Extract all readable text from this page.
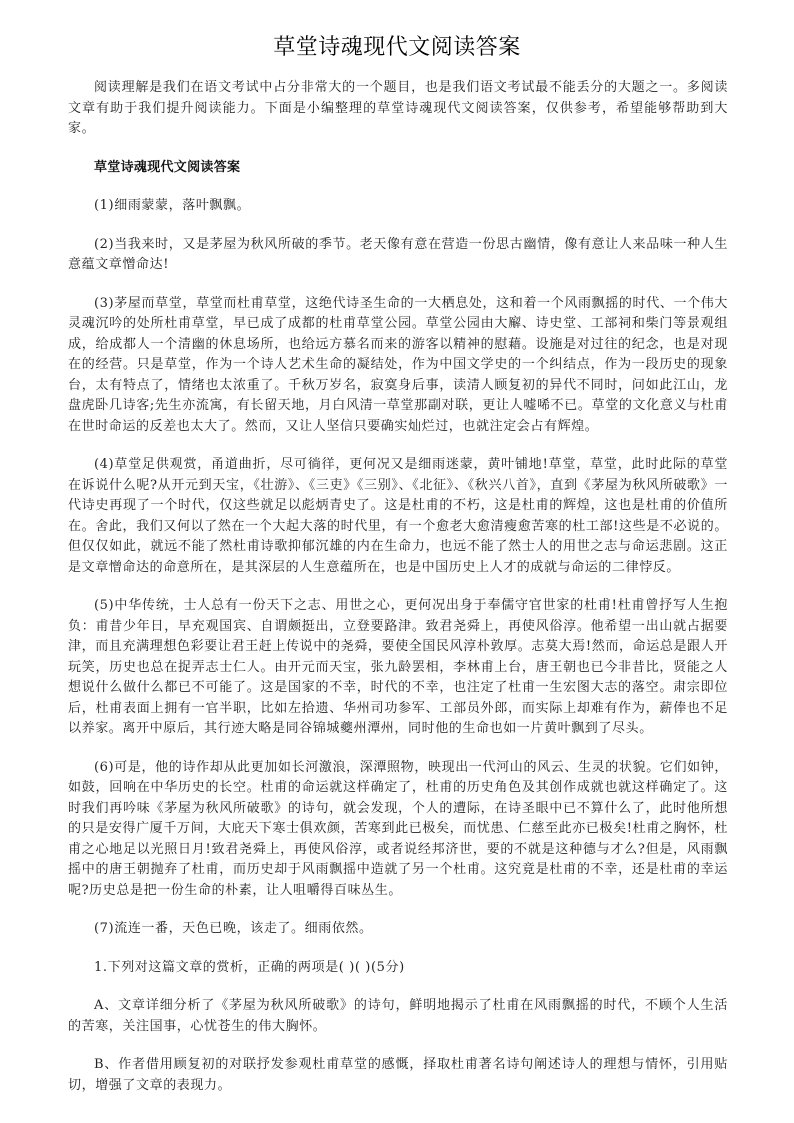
草堂诗魂现代文阅读答案

阅读理解是我们在语文考试中占分非常大的一个题目，也是我们语文考试最不能丢分的大题之一。多阅读文章有助于我们提升阅读能力。下面是小编整理的草堂诗魂现代文阅读答案，仅供参考，希望能够帮助到大家。

草堂诗魂现代文阅读答案

(1)细雨蒙蒙，落叶飘飘。

(2)当我来时，又是茅屋为秋风所破的季节。老天像有意在营造一份思古幽情，像有意让人来品味一种人生意蕴文章憎命达!

(3)茅屋而草堂，草堂而杜甫草堂，这绝代诗圣生命的一大栖息处，这和着一个风雨飘摇的时代、一个伟大灵魂沉吟的处所杜甫草堂，早已成了成都的杜甫草堂公园。草堂公园由大廨、诗史堂、工部祠和柴门等景观组成，给成都人一个清幽的休息场所，也给远方慕名而来的游客以精神的慰藉。设施是对过往的纪念，也是对现在的经营。只是草堂，作为一个诗人艺术生命的凝结处，作为中国文学史的一个纠结点，作为一段历史的现象台，太有特点了，情绪也太浓重了。千秋万岁名，寂寞身后事，读清人顾复初的异代不同时，问如此江山，龙盘虎卧几诗客;先生亦流寓，有长留天地，月白风清一草堂那副对联，更让人嘘唏不已。草堂的文化意义与杜甫在世时命运的反差也太大了。然而，又让人坚信只要确实灿烂过，也就注定会占有辉煌。

(4)草堂足供观赏，甬道曲折，尽可徜徉，更何况又是细雨迷蒙，黄叶铺地!草堂，草堂，此时此际的草堂在诉说什么呢?从开元到天宝，《壮游》、《三吏》《三别》、《北征》、《秋兴八首》，直到《茅屋为秋风所破歌》一代诗史再现了一个时代，仅这些就足以彪炳青史了。这是杜甫的不朽，这是杜甫的辉煌，这也是杜甫的价值所在。舍此，我们又何以了然在一个大起大落的时代里，有一个愈老大愈清瘦愈苦寒的杜工部!这些是不必说的。但仅仅如此，就远不能了然杜甫诗歌抑郁沉雄的内在生命力，也远不能了然士人的用世之志与命运悲剧。这正是文章憎命达的命意所在，是其深层的人生意蕴所在，也是中国历史上人才的成就与命运的二律悖反。

(5)中华传统，士人总有一份天下之志、用世之心，更何况出身于奉儒守官世家的杜甫!杜甫曾抒写人生抱负：甫昔少年日，早充观国宾、自谓颇挺出，立登要路津。致君尧舜上，再使风俗淳。他希望一出山就占据要津，而且充满理想色彩要让君王赶上传说中的尧舜，要使全国民风淳朴敦厚。志莫大焉!然而，命运总是跟人开玩笑，历史也总在捉弄志士仁人。由开元而天宝，张九龄罢相，李林甫上台，唐王朝也已今非昔比，贤能之人想说什么做什么都已不可能了。这是国家的不幸，时代的不幸，也注定了杜甫一生宏图大志的落空。肃宗即位后，杜甫表面上拥有一官半职，比如左拾遗、华州司功参军、工部员外郎，而实际上却难有作为，薪俸也不足以养家。离开中原后，其行迹大略是同谷锦城夔州潭州，同时他的生命也如一片黄叶飘到了尽头。

(6)可是，他的诗作却从此更加如长河激浪，深潭照物，映现出一代河山的风云、生灵的状貌。它们如钟，如鼓，回响在中华历史的长空。杜甫的命运就这样确定了，杜甫的历史角色及其创作成就也就这样确定了。这时我们再吟味《茅屋为秋风所破歌》的诗句，就会发现，个人的遭际，在诗圣眼中已不算什么了，此时他所想的只是安得广厦千万间，大庇天下寒士俱欢颜，苦寒到此已极矣，而忧患、仁慈至此亦已极矣!杜甫之胸怀，杜甫之心地足以光照日月!致君尧舜上，再使风俗淳，或者说经邦济世，要的不就是这种德与才么?但是，风雨飘摇中的唐王朝抛弃了杜甫，而历史却于风雨飘摇中造就了另一个杜甫。这究竟是杜甫的不幸，还是杜甫的幸运呢?历史总是把一份生命的朴素，让人咀嚼得百味丛生。

(7)流连一番，天色已晚，该走了。细雨依然。

1.下列对这篇文章的赏析，正确的两项是( )( )(5分)

A、文章详细分析了《茅屋为秋风所破歌》的诗句，鲜明地揭示了杜甫在风雨飘摇的时代，不顾个人生活的苦寒，关注国事，心忧苍生的伟大胸怀。

B、作者借用顾复初的对联抒发参观杜甫草堂的感慨，择取杜甫著名诗句阐述诗人的理想与情怀，引用贴切，增强了文章的表现力。
